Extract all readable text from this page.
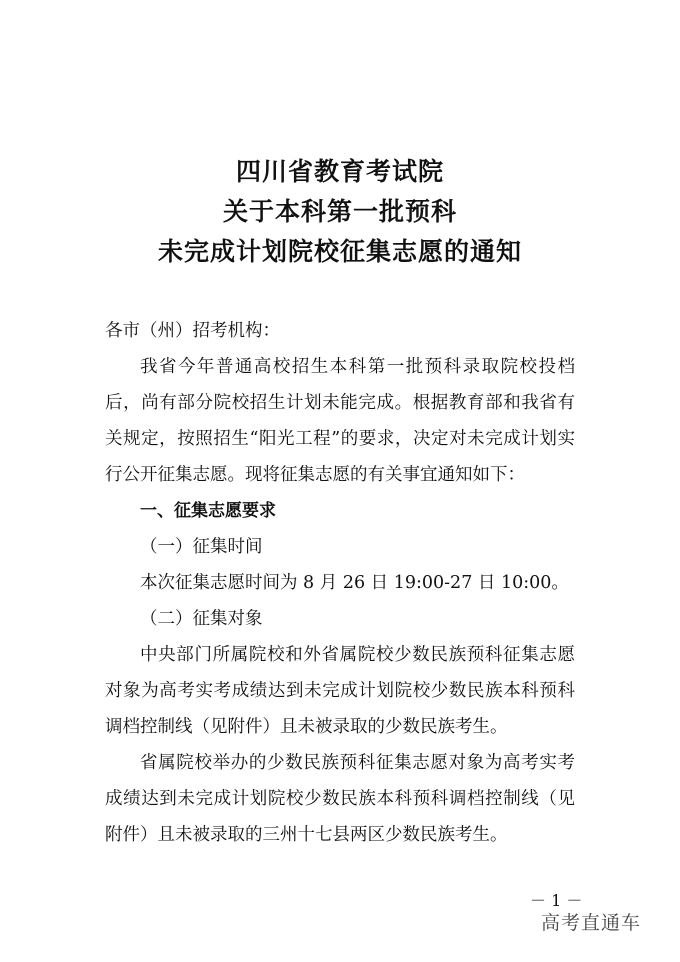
四川省教育考试院
关于本科第一批预科
未完成计划院校征集志愿的通知
各市（州）招考机构：
我省今年普通高校招生本科第一批预科录取院校投档后，尚有部分院校招生计划未能完成。根据教育部和我省有关规定，按照招生“阳光工程”的要求，决定对未完成计划实行公开征集志愿。现将征集志愿的有关事宜通知如下：
一、征集志愿要求
（一）征集时间
本次征集志愿时间为 8 月 26 日 19:00-27 日 10:00。
（二）征集对象
中央部门所属院校和外省属院校少数民族预科征集志愿对象为高考实考成绩达到未完成计划院校少数民族本科预科调档控制线（见附件）且未被录取的少数民族考生。
省属院校举办的少数民族预科征集志愿对象为高考实考成绩达到未完成计划院校少数民族本科预科调档控制线（见附件）且未被录取的三州十七县两区少数民族考生。
－ 1 －
高考直通车
